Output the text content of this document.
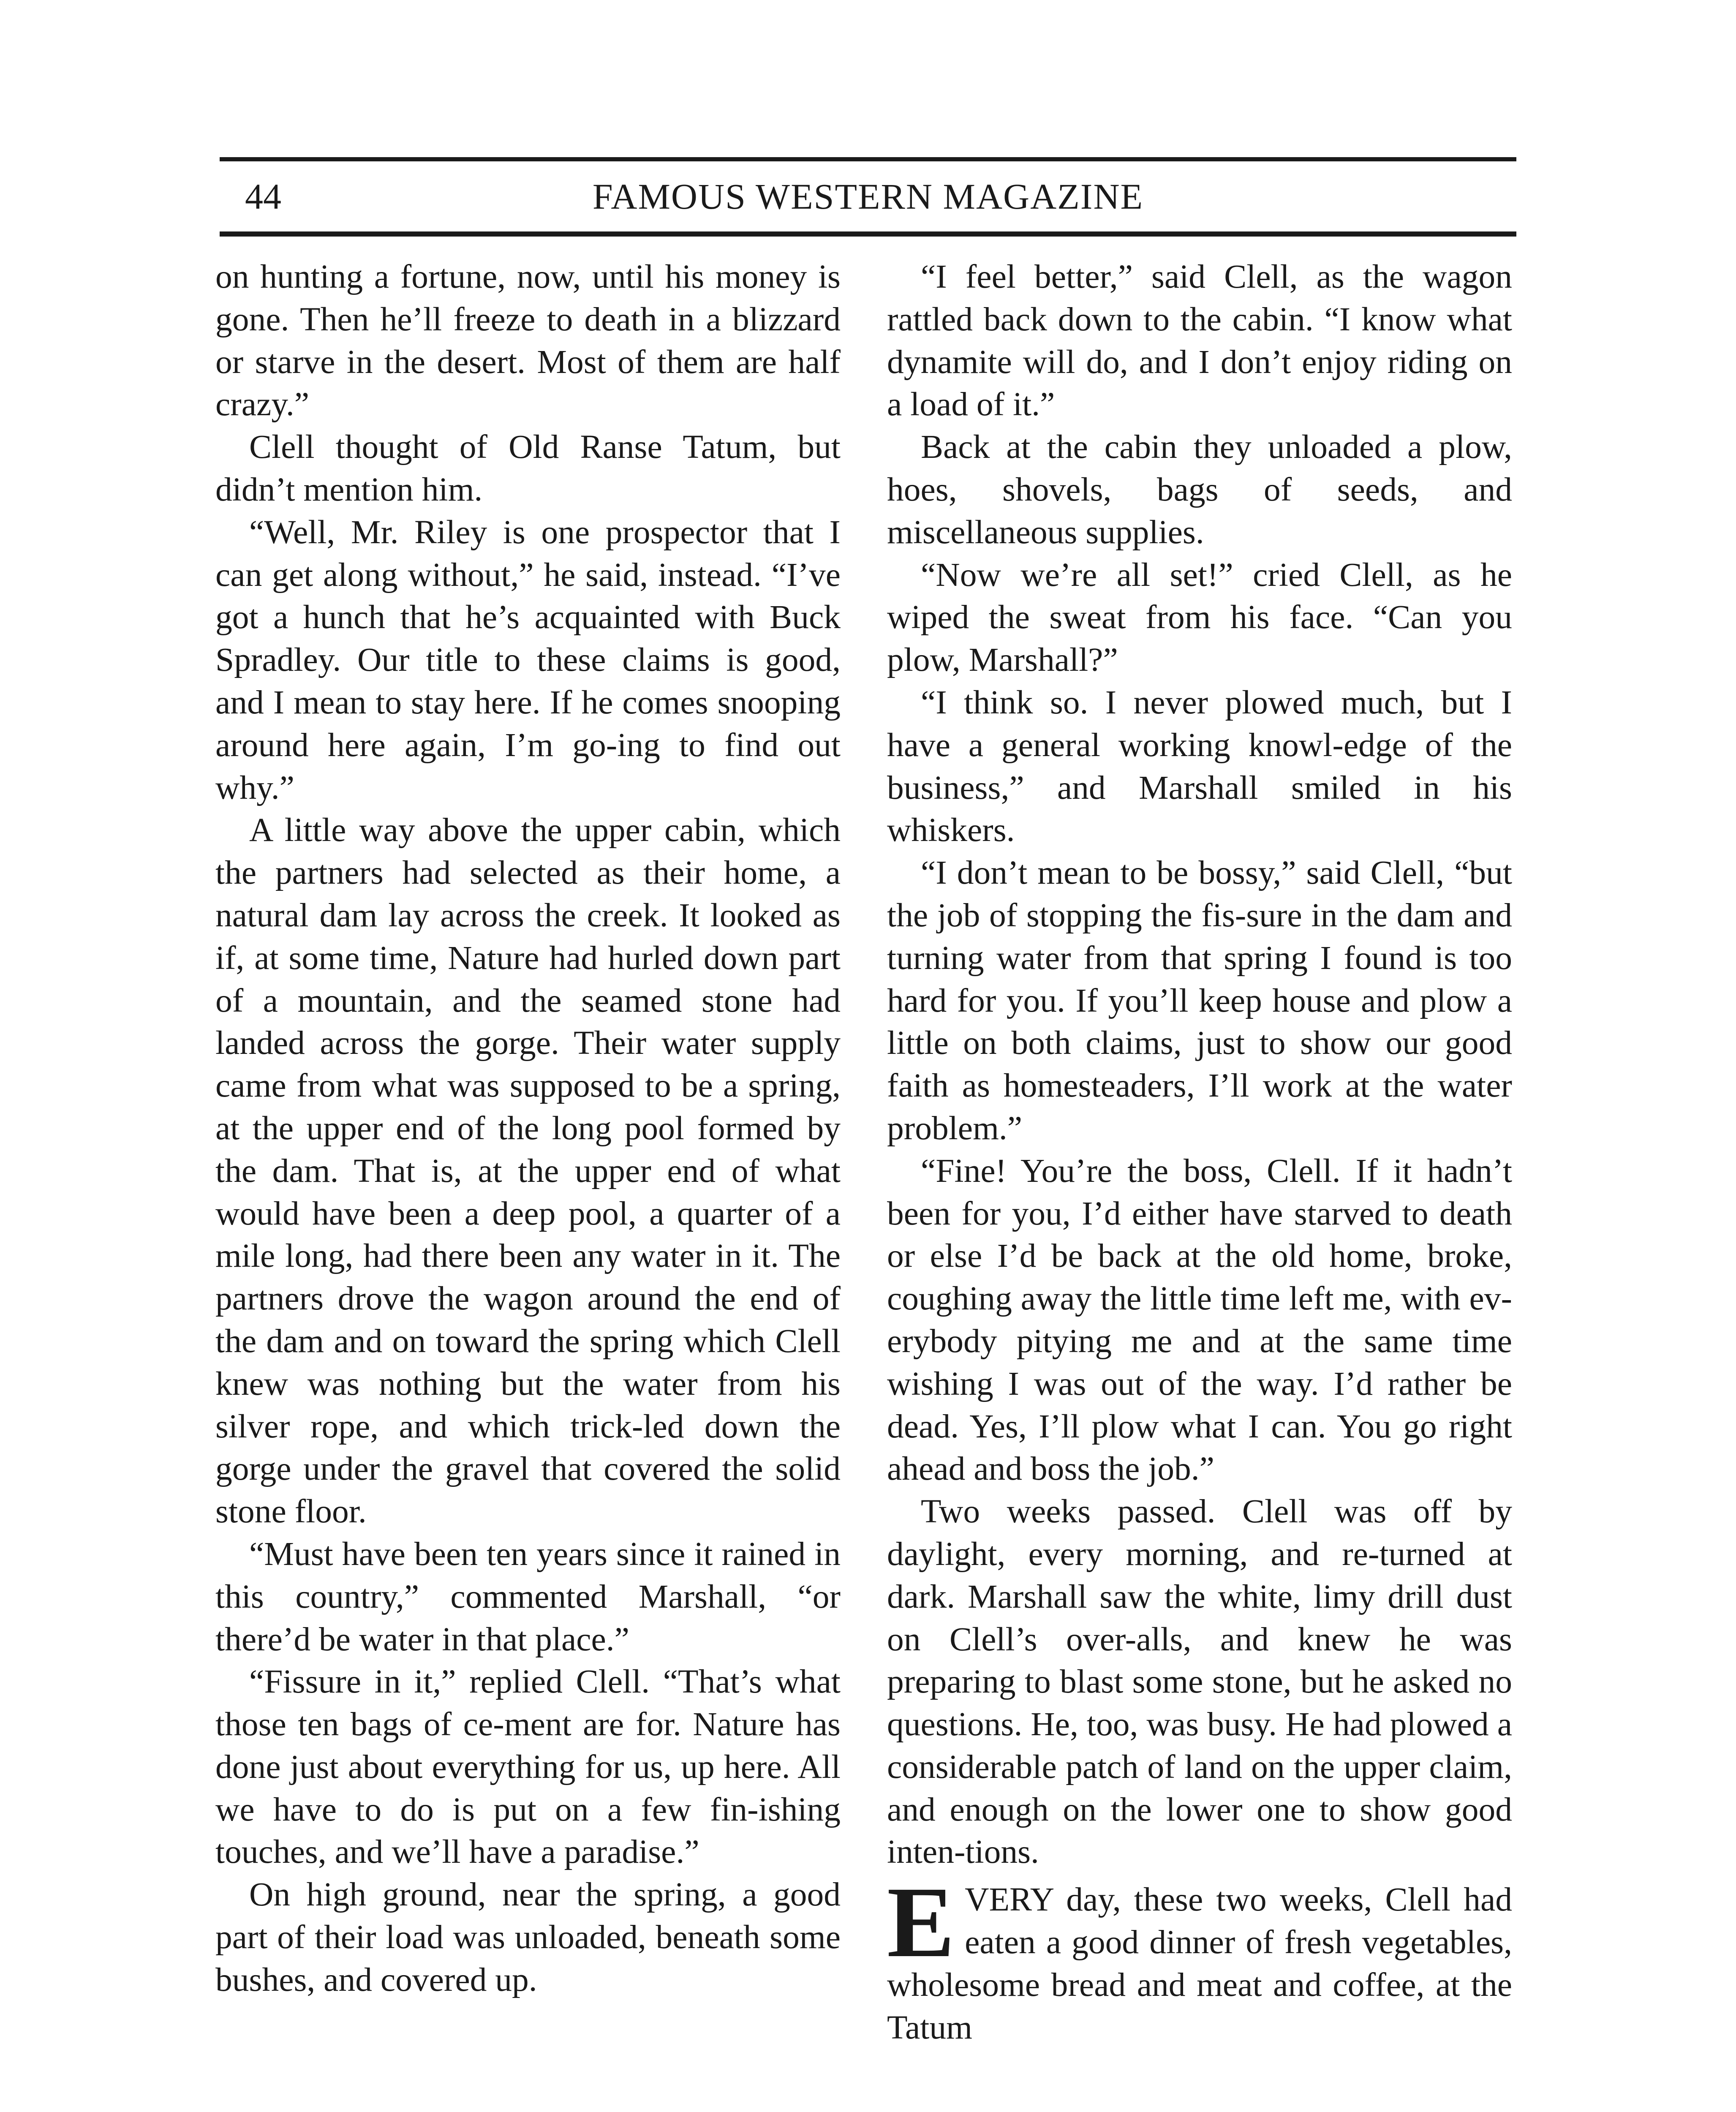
44	FAMOUS WESTERN MAGAZINE

on hunting a fortune, now, until his money is gone. Then he’ll freeze to death in a blizzard or starve in the desert. Most of them are half crazy.”

Clell thought of Old Ranse Tatum, but didn’t mention him.

“Well, Mr. Riley is one prospector that I can get along without,” he said, instead. “I’ve got a hunch that he’s acquainted with Buck Spradley. Our title to these claims is good, and I mean to stay here. If he comes snooping around here again, I’m go-ing to find out why.”

A little way above the upper cabin, which the partners had selected as their home, a natural dam lay across the creek. It looked as if, at some time, Nature had hurled down part of a mountain, and the seamed stone had landed across the gorge. Their water supply came from what was supposed to be a spring, at the upper end of the long pool formed by the dam. That is, at the upper end of what would have been a deep pool, a quarter of a mile long, had there been any water in it. The partners drove the wagon around the end of the dam and on toward the spring which Clell knew was nothing but the water from his silver rope, and which trick-led down the gorge under the gravel that covered the solid stone floor.

“Must have been ten years since it rained in this country,” commented Marshall, “or there’d be water in that place.”

“Fissure in it,” replied Clell. “That’s what those ten bags of ce-ment are for. Nature has done just about everything for us, up here. All we have to do is put on a few fin-ishing touches, and we’ll have a paradise.”

On high ground, near the spring, a good part of their load was unloaded, beneath some bushes, and covered up.

“I feel better,” said Clell, as the wagon rattled back down to the cabin. “I know what dynamite will do, and I don’t enjoy riding on a load of it.”

Back at the cabin they unloaded a plow, hoes, shovels, bags of seeds, and miscellaneous supplies.

“Now we’re all set!” cried Clell, as he wiped the sweat from his face. “Can you plow, Marshall?”

“I think so. I never plowed much, but I have a general working knowl-edge of the business,” and Marshall smiled in his whiskers.

“I don’t mean to be bossy,” said Clell, “but the job of stopping the fis-sure in the dam and turning water from that spring I found is too hard for you. If you’ll keep house and plow a little on both claims, just to show our good faith as homesteaders, I’ll work at the water problem.”

“Fine! You’re the boss, Clell. If it hadn’t been for you, I’d either have starved to death or else I’d be back at the old home, broke, coughing away the little time left me, with ev-erybody pitying me and at the same time wishing I was out of the way. I’d rather be dead. Yes, I’ll plow what I can. You go right ahead and boss the job.”

Two weeks passed. Clell was off by daylight, every morning, and re-turned at dark. Marshall saw the white, limy drill dust on Clell’s over-alls, and knew he was preparing to blast some stone, but he asked no questions. He, too, was busy. He had plowed a considerable patch of land on the upper claim, and enough on the lower one to show good inten-tions.

EVERY day, these two weeks, Clell had eaten a good dinner of fresh vegetables, wholesome bread and meat and coffee, at the Tatum
